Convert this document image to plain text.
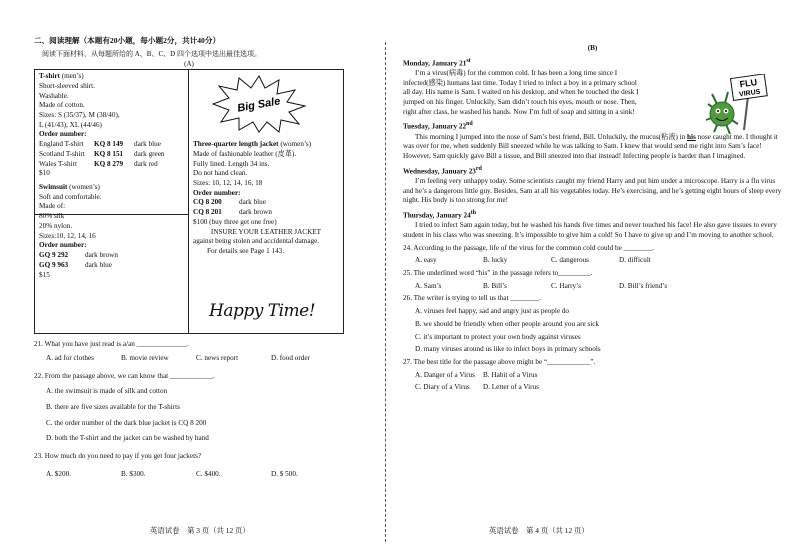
二、阅读理解（本题有20小题，每小题2分，共计40分）
阅读下面材料，从每题所给的 A、B、C、D 四个选项中选出最佳选项。
(A)
T-shirt (men’s)
Short-sleeved shirt.
Washable.
Made of cotton.
Sizes: S (35/37), M (38/40),
L (41/43), XL (44/46)
Order number:
England T-shirt	KQ 8 149	dark blue
Scotland T-shirt	KQ 8 151	dark green
Wales T-shirt	KQ 8 279	dark red
$10
Swimsuit (women’s)
Soft and comfortable.
Made of:
80% silk
20% nylon.
Sizes:10, 12, 14, 16
Order number:
GQ 9 292	dark brown
GQ 9 963	dark blue
$15
Big Sale
Three-quarter length jacket (women’s)
Made of fashionable leather (皮革).
Fully lined. Length 34 ins.
Do not hand clean.
Sizes: 10, 12, 14, 16, 18
Order number:
CQ 8 200	dark blue
CQ 8 201	dark brown
$100 (buy three get one free)
INSURE YOUR LEATHER JACKET
against being stolen and accidental damage.
For details see Page 1 143.
Happy Time!
21. What you have just read is a/an ______________.
A. ad for clothes	B. movie review	C. news report	D. food order
22. From the passage above, we can know that ____________.
A. the swimsuit is made of silk and cotton
B. there are five sizes available for the T-shirts
C. the order number of the dark blue jacket is CQ 8 200
D. both the T-shirt and the jacket can be washed by hand
23. How much do you need to pay if you get four jackets?
A. $200.	B. $300.	C. $400.	D. $ 500.
英语试卷　第 3 页（共 12 页）
(B)
FLU
VIRUS
Monday, January 21st

I’m a virus(病毒) for the common cold. It has been a long time since I infected(感染) humans last time. Today I tried to infect a boy in a primary school all day. His name is Sam. I waited on his desktop, and when he touched the desk I jumped on his finger. Unluckily, Sam didn’t touch his eyes, mouth or nose. Then, right after class, he washed his hands. Now I’m full of soap and sitting in a sink!

Tuesday, January 22nd

This morning I jumped into the nose of Sam’s best friend, Bill. Unluckily, the mucus(粘液) in his nose caught me. I thought it was over for me, when suddenly Bill sneezed while he was talking to Sam. I knew that would send me right into Sam’s face! However, Sam quickly gave Bill a tissue, and Bill sneezed into that instead! Infecting people is harder than I imagined.

Wednesday, January 23rd

I’m feeling very unhappy today. Some scientists caught my friend Harry and put him under a microscope. Harry is a flu virus and he’s a dangerous little guy. Besides, Sam at all his vegetables today. He’s exercising, and he’s getting eight hours of sleep every night. His body is too strong for me!

Thursday, January 24th

I tried to infect Sam again today, but he washed his hands five times and never touched his face! He also gave tissues to every student in his class who was sneezing. It’s impossible to give him a cold! So I have to give up and I’m moving to another school.

24. According to the passage, life of the virus for the common cold could be ________.
A. easy	B. lucky	C. dangerous	D. difficult
25. The underlined word “his” in the passage refers to_________.
A. Sam’s	B. Bill’s	C. Harry’s	D. Bill’s friend’s
26. The writer is trying to tell us that ________.
A. viruses feel happy, sad and angry just as people do
B. we should be friendly when other people around you are sick
C. it’s important to protect your own body against viruses
D. many viruses around us like to infect boys in primary schools
27. The best title for the passage above might be “____________”.
A. Danger of a Virus	B. Habit of a Virus
C. Diary of a Virus	D. Letter of a Virus
英语试卷　第 4 页（共 12 页）
